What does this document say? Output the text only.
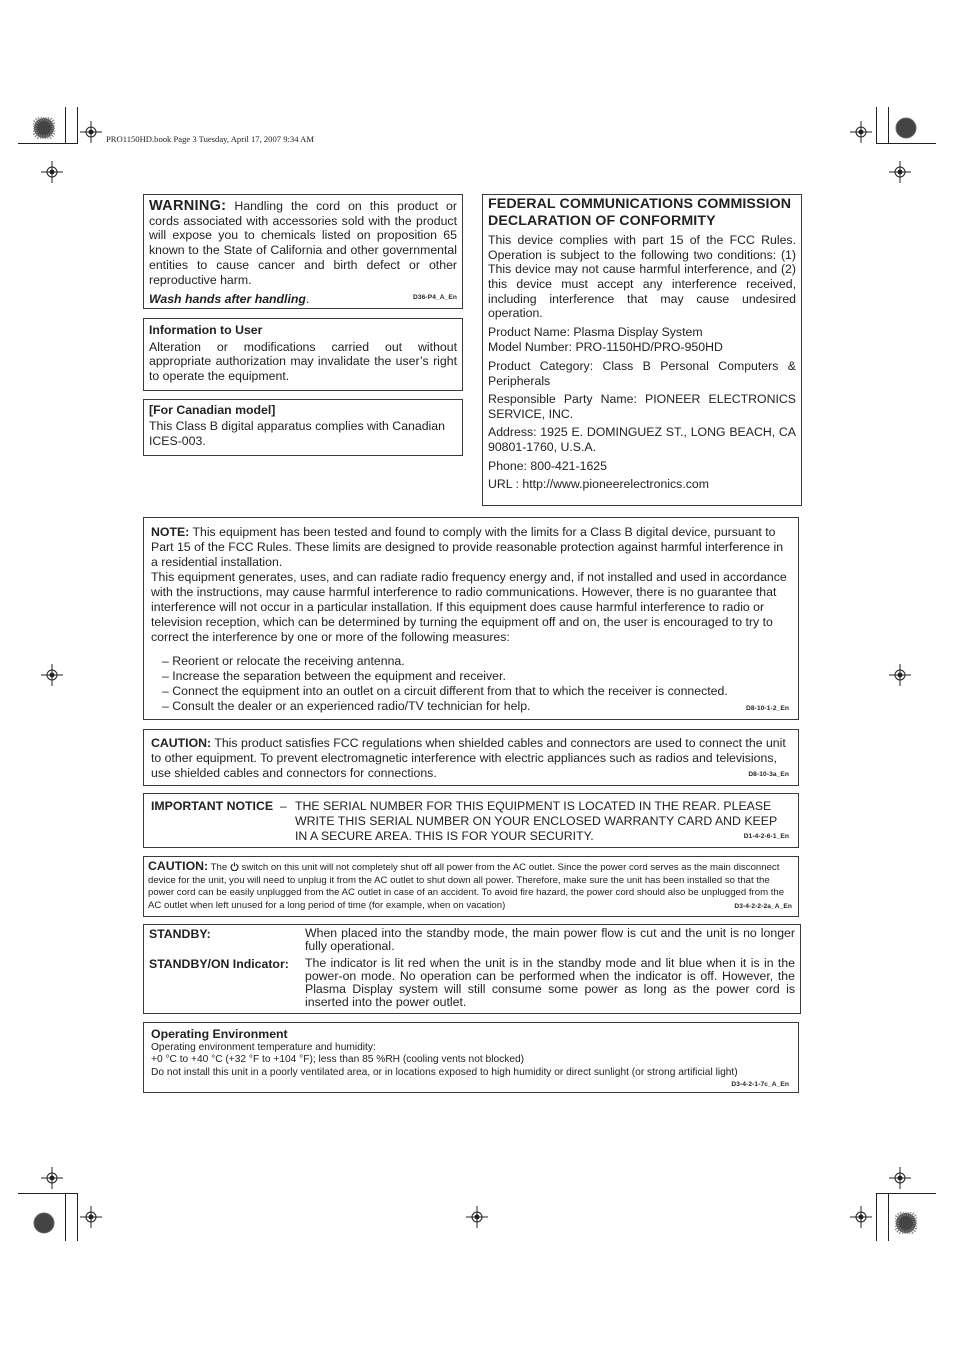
PRO1150HD.book Page 3 Tuesday, April 17, 2007 9:34 AM
WARNING: Handling the cord on this product or cords associated with accessories sold with the product will expose you to chemicals listed on proposition 65 known to the State of California and other governmental entities to cause cancer and birth defect or other reproductive harm.
Wash hands after handling.	D36-P4_A_En
Information to User
Alteration or modifications carried out without appropriate authorization may invalidate the user’s right to operate the equipment.
[For Canadian model]
This Class B digital apparatus complies with Canadian ICES-003.
FEDERAL COMMUNICATIONS COMMISSION DECLARATION OF CONFORMITY
This device complies with part 15 of the FCC Rules. Operation is subject to the following two conditions: (1) This device may not cause harmful interference, and (2) this device must accept any interference received, including interference that may cause undesired operation.
Product Name: Plasma Display System
Model Number: PRO-1150HD/PRO-950HD
Product Category: Class B Personal Computers & Peripherals
Responsible Party Name: PIONEER ELECTRONICS SERVICE, INC.
Address: 1925 E. DOMINGUEZ ST., LONG BEACH, CA 90801-1760, U.S.A.
Phone: 800-421-1625
URL : http://www.pioneerelectronics.com
NOTE: This equipment has been tested and found to comply with the limits for a Class B digital device, pursuant to Part 15 of the FCC Rules. These limits are designed to provide reasonable protection against harmful interference in a residential installation.
This equipment generates, uses, and can radiate radio frequency energy and, if not installed and used in accordance with the instructions, may cause harmful interference to radio communications. However, there is no guarantee that interference will not occur in a particular installation. If this equipment does cause harmful interference to radio or television reception, which can be determined by turning the equipment off and on, the user is encouraged to try to correct the interference by one or more of the following measures:
– Reorient or relocate the receiving antenna.
– Increase the separation between the equipment and receiver.
– Connect the equipment into an outlet on a circuit different from that to which the receiver is connected.
– Consult the dealer or an experienced radio/TV technician for help.	D8-10-1-2_En
CAUTION: This product satisfies FCC regulations when shielded cables and connectors are used to connect the unit to other equipment. To prevent electromagnetic interference with electric appliances such as radios and televisions, use shielded cables and connectors for connections.	D8-10-3a_En
IMPORTANT NOTICE – THE SERIAL NUMBER FOR THIS EQUIPMENT IS LOCATED IN THE REAR. PLEASE WRITE THIS SERIAL NUMBER ON YOUR ENCLOSED WARRANTY CARD AND KEEP IN A SECURE AREA. THIS IS FOR YOUR SECURITY.	D1-4-2-6-1_En
CAUTION: The switch on this unit will not completely shut off all power from the AC outlet. Since the power cord serves as the main disconnect device for the unit, you will need to unplug it from the AC outlet to shut down all power. Therefore, make sure the unit has been installed so that the power cord can be easily unplugged from the AC outlet in case of an accident. To avoid fire hazard, the power cord should also be unplugged from the AC outlet when left unused for a long period of time (for example, when on vacation)	D3-4-2-2-2a_A_En
STANDBY:	When placed into the standby mode, the main power flow is cut and the unit is no longer fully operational.
STANDBY/ON Indicator: The indicator is lit red when the unit is in the standby mode and lit blue when it is in the power-on mode. No operation can be performed when the indicator is off. However, the Plasma Display system will still consume some power as long as the power cord is inserted into the power outlet.
Operating Environment
Operating environment temperature and humidity:
+0 °C to +40 °C (+32 °F to +104 °F); less than 85 %RH (cooling vents not blocked)
Do not install this unit in a poorly ventilated area, or in locations exposed to high humidity or direct sunlight (or strong artificial light)
D3-4-2-1-7c_A_En
